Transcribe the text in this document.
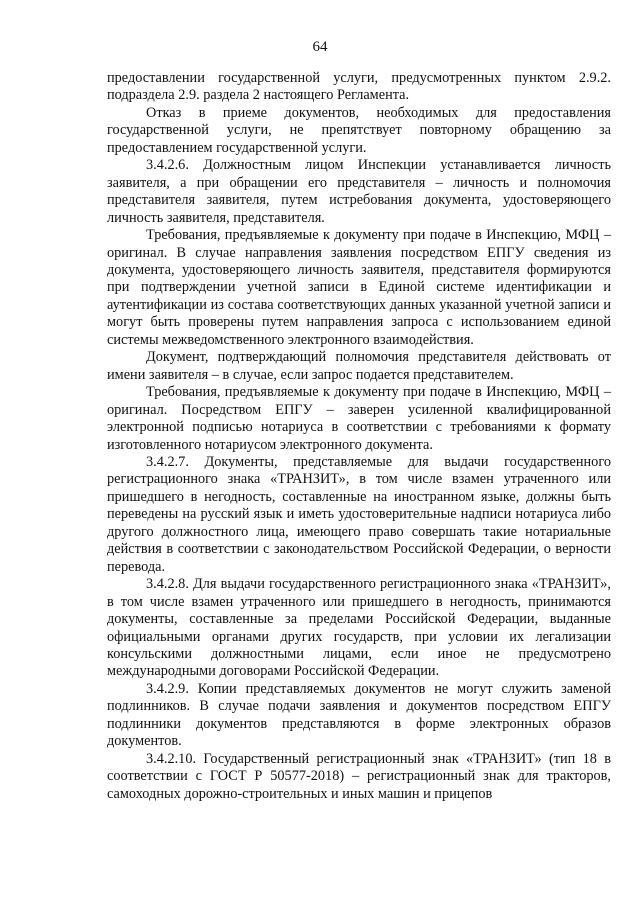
64

предоставлении государственной услуги, предусмотренных пунктом 2.9.2. подраздела 2.9. раздела 2 настоящего Регламента.

Отказ в приеме документов, необходимых для предоставления государственной услуги, не препятствует повторному обращению за предоставлением государственной услуги.

3.4.2.6. Должностным лицом Инспекции устанавливается личность заявителя, а при обращении его представителя – личность и полномочия представителя заявителя, путем истребования документа, удостоверяющего личность заявителя, представителя.

Требования, предъявляемые к документу при подаче в Инспекцию, МФЦ – оригинал. В случае направления заявления посредством ЕПГУ сведения из документа, удостоверяющего личность заявителя, представителя формируются при подтверждении учетной записи в Единой системе идентификации и аутентификации из состава соответствующих данных указанной учетной записи и могут быть проверены путем направления запроса с использованием единой системы межведомственного электронного взаимодействия.

Документ, подтверждающий полномочия представителя действовать от имени заявителя – в случае, если запрос подается представителем.

Требования, предъявляемые к документу при подаче в Инспекцию, МФЦ – оригинал. Посредством ЕПГУ – заверен усиленной квалифицированной электронной подписью нотариуса в соответствии с требованиями к формату изготовленного нотариусом электронного документа.

3.4.2.7. Документы, представляемые для выдачи государственного регистрационного знака «ТРАНЗИТ», в том числе взамен утраченного или пришедшего в негодность, составленные на иностранном языке, должны быть переведены на русский язык и иметь удостоверительные надписи нотариуса либо другого должностного лица, имеющего право совершать такие нотариальные действия в соответствии с законодательством Российской Федерации, о верности перевода.

3.4.2.8. Для выдачи государственного регистрационного знака «ТРАНЗИТ», в том числе взамен утраченного или пришедшего в негодность, принимаются документы, составленные за пределами Российской Федерации, выданные официальными органами других государств, при условии их легализации консульскими должностными лицами, если иное не предусмотрено международными договорами Российской Федерации.

3.4.2.9. Копии представляемых документов не могут служить заменой подлинников. В случае подачи заявления и документов посредством ЕПГУ подлинники документов представляются в форме электронных образов документов.

3.4.2.10. Государственный регистрационный знак «ТРАНЗИТ» (тип 18 в соответствии с ГОСТ Р 50577-2018) – регистрационный знак для тракторов, самоходных дорожно-строительных и иных машин и прицепов
